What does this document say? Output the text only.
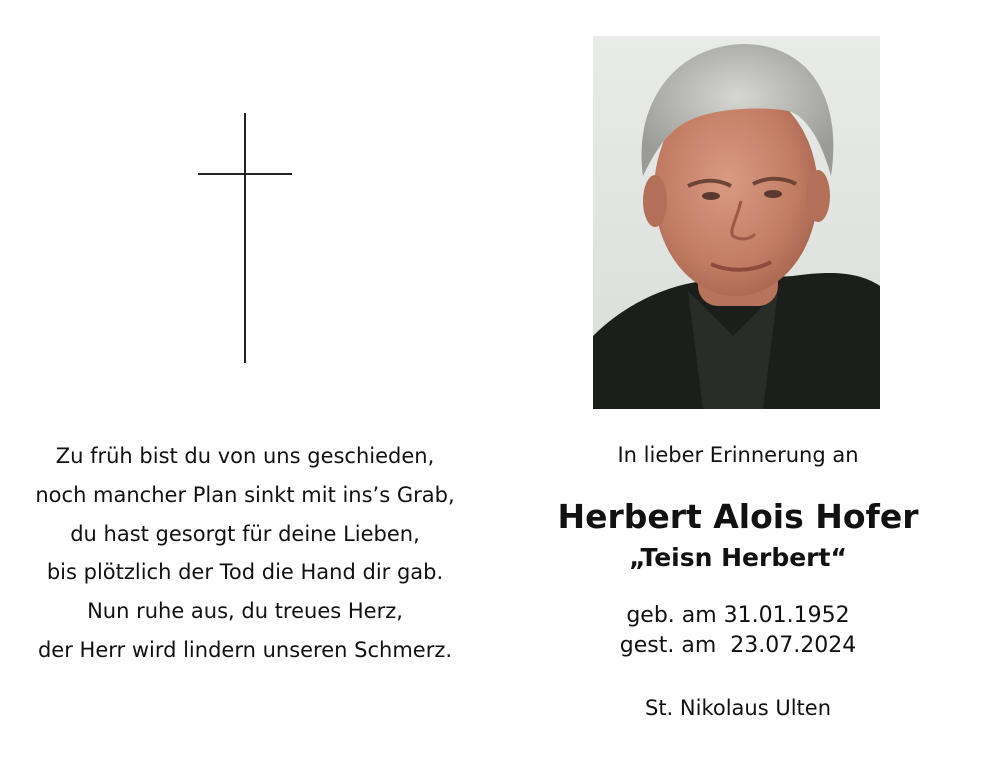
Zu früh bist du von uns geschieden,
noch mancher Plan sinkt mit ins’s Grab,
du hast gesorgt für deine Lieben,
bis plötzlich der Tod die Hand dir gab.
Nun ruhe aus, du treues Herz,
der Herr wird lindern unseren Schmerz.
In lieber Erinnerung an
Herbert Alois Hofer
„Teisn Herbert“
geb. am 31.01.1952
gest. am  23.07.2024
St. Nikolaus Ulten
